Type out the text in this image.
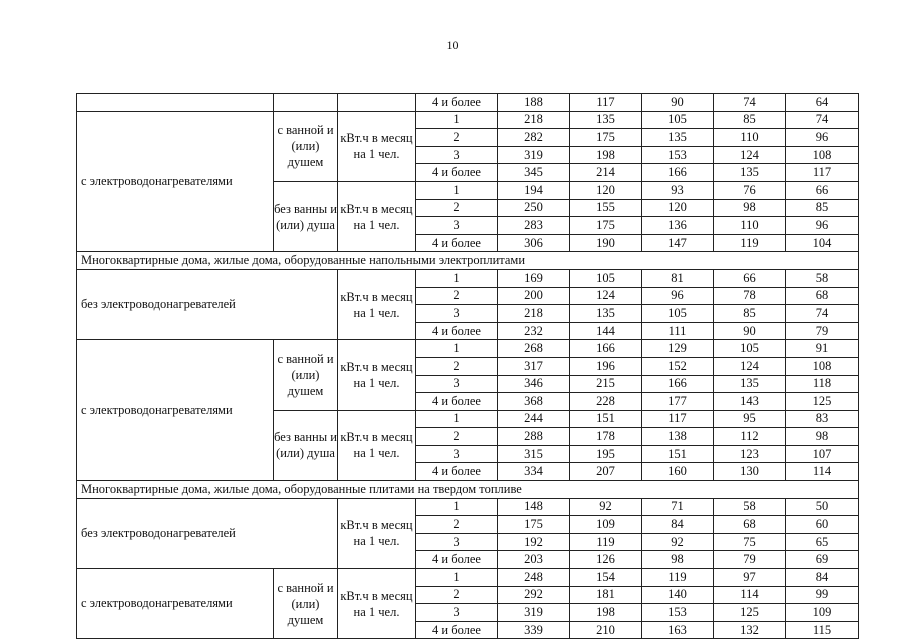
10
			4 и более	188	117	90	74	64
с электроводонагревателями	с ванной и (или) душем	кВт.ч в месяц на 1 чел.	1	218	135	105	85	74
			2	282	175	135	110	96
			3	319	198	153	124	108
			4 и более	345	214	166	135	117
	без ванны и (или) душа	кВт.ч в месяц на 1 чел.	1	194	120	93	76	66
			2	250	155	120	98	85
			3	283	175	136	110	96
			4 и более	306	190	147	119	104
Многоквартирные дома, жилые дома, оборудованные напольными электроплитами								
без электроводонагревателей		кВт.ч в месяц на 1 чел.	1	169	105	81	66	58
			2	200	124	96	78	68
			3	218	135	105	85	74
			4 и более	232	144	111	90	79
с электроводонагревателями	с ванной и (или) душем	кВт.ч в месяц на 1 чел.	1	268	166	129	105	91
			2	317	196	152	124	108
			3	346	215	166	135	118
			4 и более	368	228	177	143	125
	без ванны и (или) душа	кВт.ч в месяц на 1 чел.	1	244	151	117	95	83
			2	288	178	138	112	98
			3	315	195	151	123	107
			4 и более	334	207	160	130	114
Многоквартирные дома, жилые дома, оборудованные плитами на твердом топливе								
без электроводонагревателей		кВт.ч в месяц на 1 чел.	1	148	92	71	58	50
			2	175	109	84	68	60
			3	192	119	92	75	65
			4 и более	203	126	98	79	69
с электроводонагревателями	с ванной и (или) душем	кВт.ч в месяц на 1 чел.	1	248	154	119	97	84
			2	292	181	140	114	99
			3	319	198	153	125	109
			4 и более	339	210	163	132	115
